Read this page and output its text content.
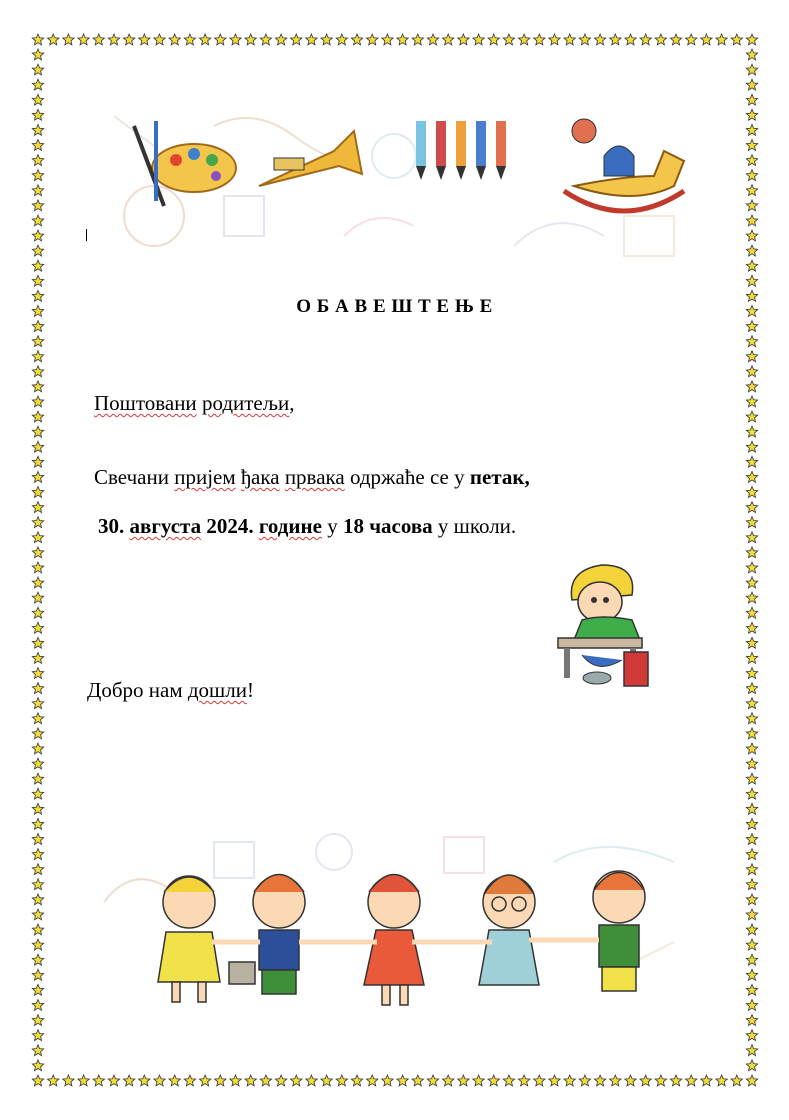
О Б А В Е Ш Т Е Њ Е
Поштовани родитељи,
Свечани пријем ђака првака одржаће се у петак,
30. августа 2024. године у 18 часова у школи.
Добро нам дошли!
